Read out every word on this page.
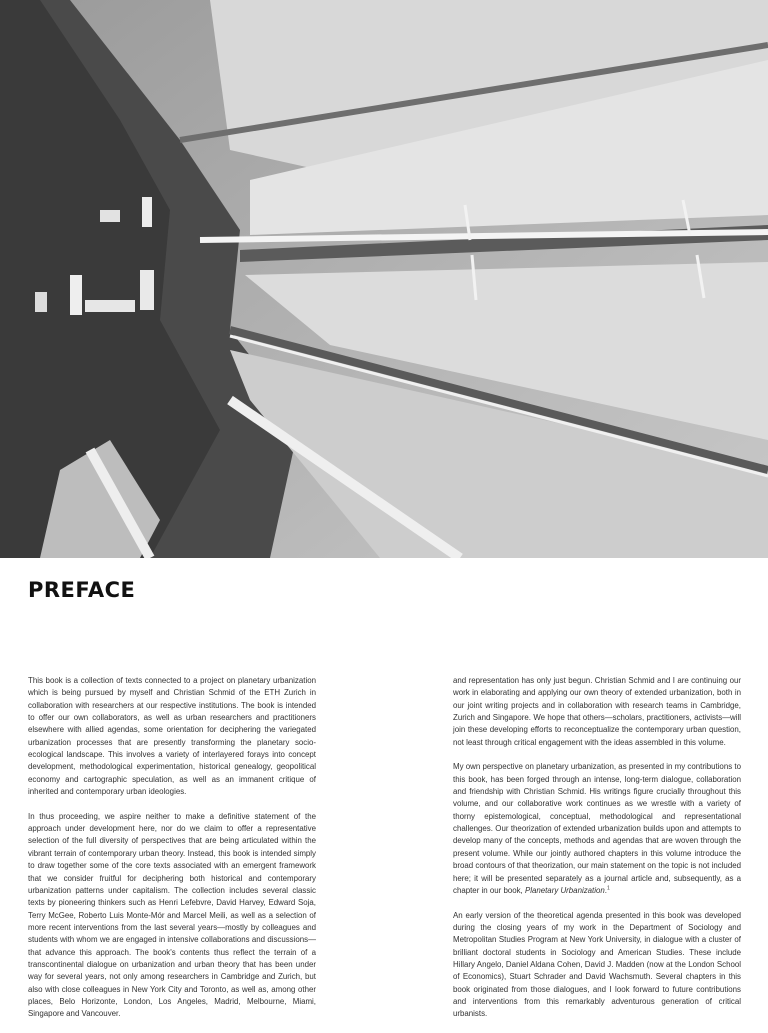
PREFACE

This book is a collection of texts connected to a project on planetary urbanization which is being pursued by myself and Christian Schmid of the ETH Zurich in collaboration with researchers at our respective institutions. The book is intended to offer our own collaborators, as well as urban researchers and practitioners elsewhere with allied agendas, some orientation for deciphering the variegated urbanization processes that are presently transforming the planetary socio-ecological landscape. This involves a variety of interlayered forays into concept development, methodological experimentation, historical genealogy, geopolitical economy and cartographic speculation, as well as an immanent critique of inherited and contemporary urban ideologies.

In thus proceeding, we aspire neither to make a definitive statement of the approach under development here, nor do we claim to offer a representative selection of the full diversity of perspectives that are being articulated within the vibrant terrain of contemporary urban theory. Instead, this book is intended simply to draw together some of the core texts associated with an emergent framework that we consider fruitful for deciphering both historical and contemporary urbanization patterns under capitalism. The collection includes several classic texts by pioneering thinkers such as Henri Lefebvre, David Harvey, Edward Soja, Terry McGee, Roberto Luis Monte-Mór and Marcel Meili, as well as a selection of more recent interventions from the last several years—mostly by colleagues and students with whom we are engaged in intensive collaborations and discussions—that advance this approach. The book's contents thus reflect the terrain of a transcontinental dialogue on urbanization and urban theory that has been under way for several years, not only among researchers in Cambridge and Zurich, but also with close colleagues in New York City and Toronto, as well as, among other places, Belo Horizonte, London, Los Angeles, Madrid, Melbourne, Miami, Singapore and Vancouver.

and representation has only just begun. Christian Schmid and I are continuing our work in elaborating and applying our own theory of extended urbanization, both in our joint writing projects and in collaboration with research teams in Cambridge, Zurich and Singapore. We hope that others—scholars, practitioners, activists—will join these developing efforts to reconceptualize the contemporary urban question, not least through critical engagement with the ideas assembled in this volume.

My own perspective on planetary urbanization, as presented in my contributions to this book, has been forged through an intense, long-term dialogue, collaboration and friendship with Christian Schmid. His writings figure crucially throughout this volume, and our collaborative work continues as we wrestle with a variety of thorny epistemological, conceptual, methodological and representational challenges. Our theorization of extended urbanization builds upon and attempts to develop many of the concepts, methods and agendas that are woven through the present volume. While our jointly authored chapters in this volume introduce the broad contours of that theorization, our main statement on the topic is not included here; it will be presented separately as a journal article and, subsequently, as a chapter in our book, Planetary Urbanization.$^1$

An early version of the theoretical agenda presented in this book was developed during the closing years of my work in the Department of Sociology and Metropolitan Studies Program at New York University, in dialogue with a cluster of brilliant doctoral students in Sociology and American Studies. These include Hillary Angelo, Daniel Aldana Cohen, David J. Madden (now at the London School of Economics), Stuart Schrader and David Wachsmuth. Several chapters in this book originated from those dialogues, and I look forward to future contributions and interventions from this remarkably adventurous generation of critical urbanists.
